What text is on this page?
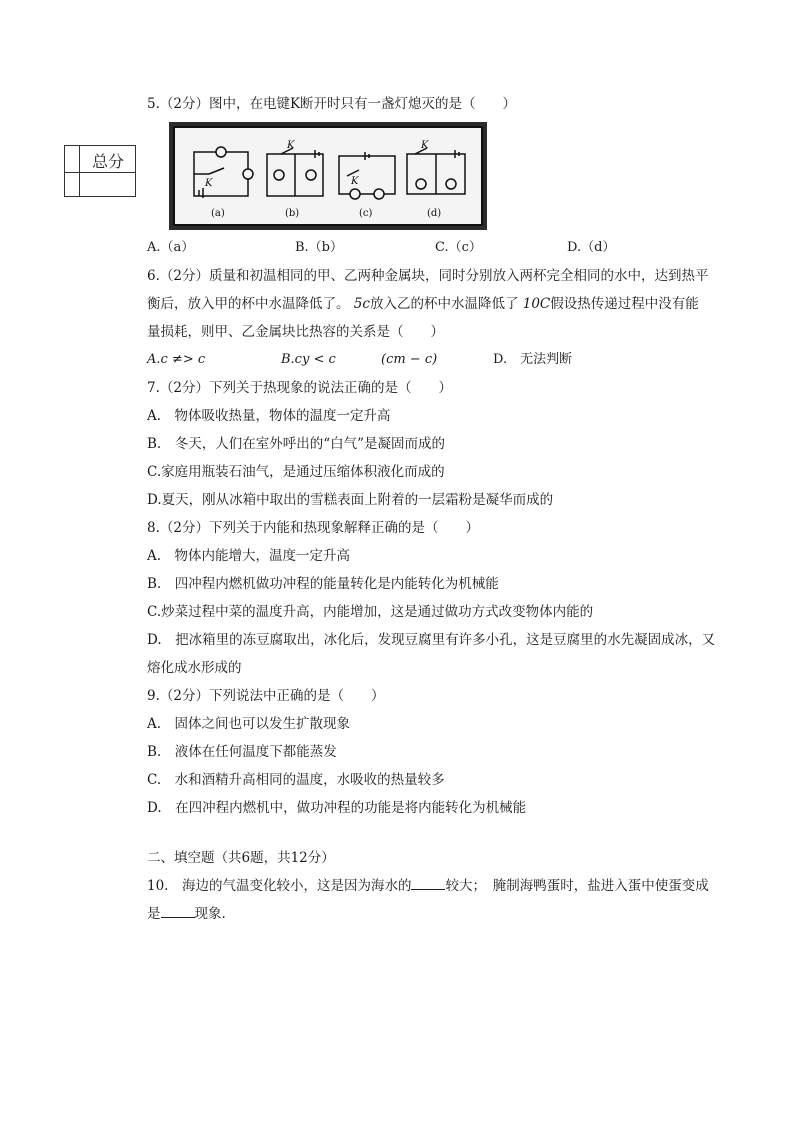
总分
5.（2分）图中，在电键K断开时只有一盏灯熄灭的是（　　）
K
(a)
K
(b)
K
(c)
K
(d)
A.（a）	B.（b）	C.（c）	D.（d）
6.（2分）质量和初温相同的甲、乙两种金属块，同时分别放入两杯完全相同的水中，达到热平
衡后，放入甲的杯中水温降低了。 5c放入乙的杯中水温降低了 10C假设热传递过程中没有能
量损耗，则甲、乙金属块比热容的关系是（　　）
A.c ≠> c	B.cy < c	(cm − c)	D.　无法判断
7.（2分）下列关于热现象的说法正确的是（　　）
A.　物体吸收热量，物体的温度一定升高
B.　冬天，人们在室外呼出的“白气”是凝固而成的
C.家庭用瓶装石油气，是通过压缩体积液化而成的
D.夏天，刚从冰箱中取出的雪糕表面上附着的一层霜粉是凝华而成的
8.（2分）下列关于内能和热现象解释正确的是（　　）
A.　物体内能增大，温度一定升高
B.　四冲程内燃机做功冲程的能量转化是内能转化为机械能
C.炒菜过程中菜的温度升高，内能增加，这是通过做功方式改变物体内能的
D.　把冰箱里的冻豆腐取出，冰化后，发现豆腐里有许多小孔，这是豆腐里的水先凝固成冰，又
熔化成水形成的
9.（2分）下列说法中正确的是（　　）
A.　固体之间也可以发生扩散现象
B.　液体在任何温度下都能蒸发
C.　水和酒精升高相同的温度，水吸收的热量较多
D.　在四冲程内燃机中，做功冲程的功能是将内能转化为机械能
二、填空题（共6题，共12分）
10.　海边的气温变化较小，这是因为海水的	较大；　腌制海鸭蛋时，盐进入蛋中使蛋变成
是	现象.
